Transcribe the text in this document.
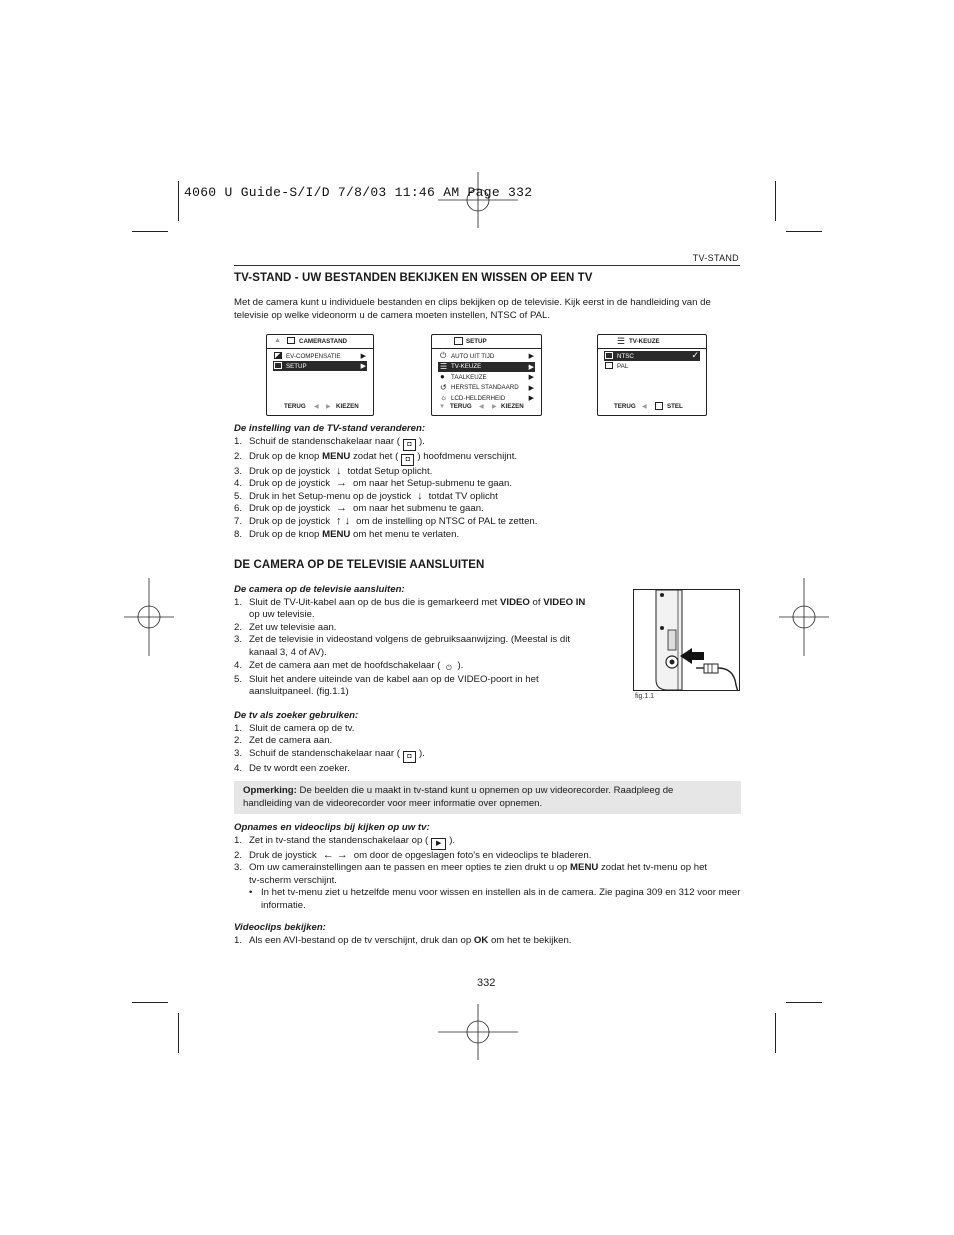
4060 U Guide-S/I/D 7/8/03 11:46 AM Page 332
TV-STAND
TV-STAND - UW BESTANDEN BEKIJKEN EN WISSEN OP EEN TV

Met de camera kunt u individuele bestanden en clips bekijken op de televisie. Kijk eerst in de handleiding van de televisie op welke videonorm u de camera moeten instellen, NTSC of PAL.

▲	CAMERASTAND
EV-COMPENSATIE	▶
SETUP	▶
TERUG ◀ ▶ KIEZEN
SETUP
⏻ AUTO UIT TIJD	▶
☰ TV-KEUZE	▶
● TAALKEUZE	▶
↺ HERSTEL STANDAARD ▶
☼ LCD-HELDERHEID	▶
▼ TERUG ◀ ▶ KIEZEN
☰ TV-KEUZE
NTSC	✓
PAL
TERUG ◀	STEL
De instelling van de TV-stand veranderen:
1. Schuif de standenschakelaar naar ( ◘ ).
2. Druk op de knop MENU zodat het ( ◘ ) hoofdmenu verschijnt.
3. Druk op de joystick ↓ totdat Setup oplicht.
4. Druk op de joystick → om naar het Setup-submenu te gaan.
5. Druk in het Setup-menu op de joystick ↓ totdat TV oplicht
6. Druk op de joystick → om naar het submenu te gaan.
7. Druk op de joystick ↑ ↓ om de instelling op NTSC of PAL te zetten.
8. Druk op de knop MENU om het menu te verlaten.
DE CAMERA OP DE TELEVISIE AANSLUITEN
De camera op de televisie aansluiten:
1. Sluit de TV-Uit-kabel aan op de bus die is gemarkeerd met VIDEO of VIDEO IN
op uw televisie.
2. Zet uw televisie aan.
3. Zet de televisie in videostand volgens de gebruiksaanwijzing. (Meestal is dit
kanaal 3, 4 of AV).
4. Zet de camera aan met de hoofdschakelaar ( ⏻ ).
5. Sluit het andere uiteinde van de kabel aan op de VIDEO-poort in het
aansluitpaneel. (fig.1.1)	fig.1.1
De tv als zoeker gebruiken:
1. Sluit de camera op de tv.
2. Zet de camera aan.
3. Schuif de standenschakelaar naar ( ◘ ).
4. De tv wordt een zoeker.

Opmerking: De beelden die u maakt in tv-stand kunt u opnemen op uw videorecorder. Raadpleeg de handleiding van de videorecorder voor meer informatie over opnemen.

Opnames en videoclips bij kijken op uw tv:
1. Zet in tv-stand the standenschakelaar op ( ▶ ).
2. Druk de joystick ← → om door de opgeslagen foto's en videoclips te bladeren.
3. Om uw camerainstellingen aan te passen en meer opties te zien drukt u op MENU zodat het tv-menu op het
tv-scherm verschijnt.
• In het tv-menu ziet u hetzelfde menu voor wissen en instellen als in de camera. Zie pagina 309 en 312 voor meer informatie.
Videoclips bekijken:
1. Als een AVI-bestand op de tv verschijnt, druk dan op OK om het te bekijken.
332
